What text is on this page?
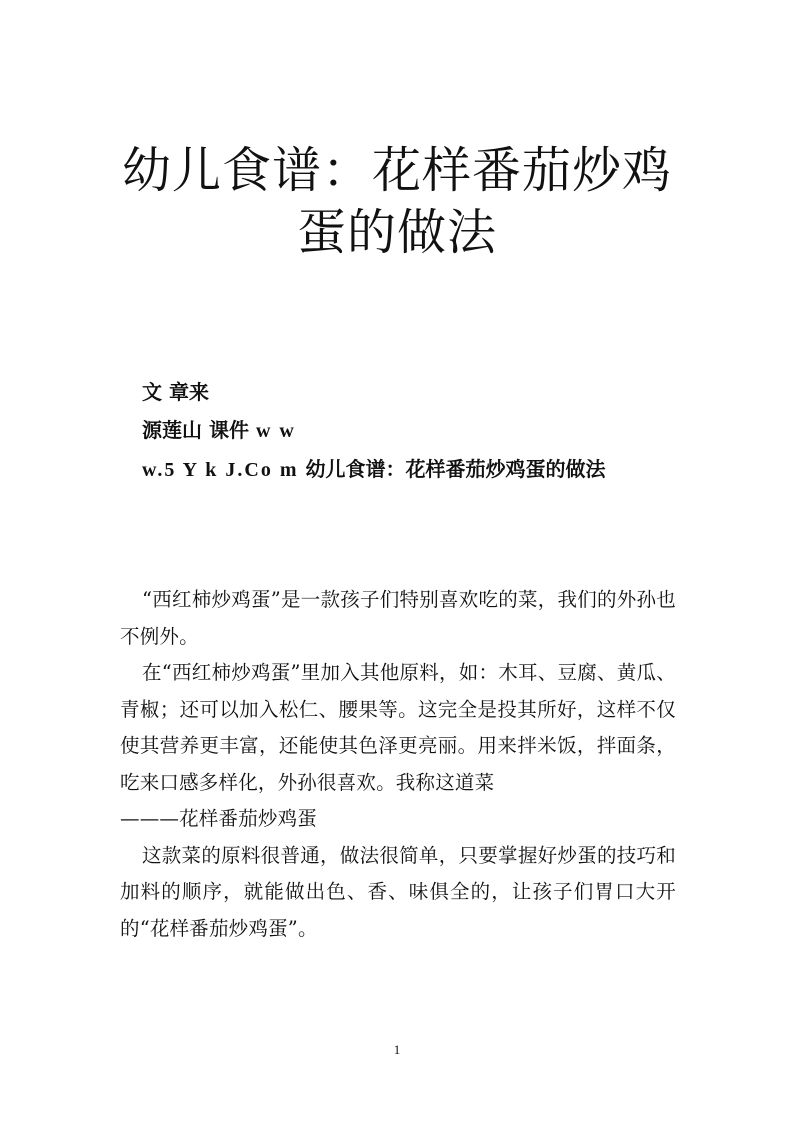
幼儿食谱：花样番茄炒鸡
蛋的做法
文 章来
源莲山 课件 w w
w.5 Y k J.Co m 幼儿食谱：花样番茄炒鸡蛋的做法

“西红柿炒鸡蛋”是一款孩子们特别喜欢吃的菜，我们的外孙也不例外。

在“西红柿炒鸡蛋”里加入其他原料，如：木耳、豆腐、黄瓜、青椒；还可以加入松仁、腰果等。这完全是投其所好，这样不仅使其营养更丰富，还能使其色泽更亮丽。用来拌米饭，拌面条，吃来口感多样化，外孙很喜欢。我称这道菜

———花样番茄炒鸡蛋

这款菜的原料很普通，做法很简单，只要掌握好炒蛋的技巧和加料的顺序，就能做出色、香、味俱全的，让孩子们胃口大开的“花样番茄炒鸡蛋”。

1
